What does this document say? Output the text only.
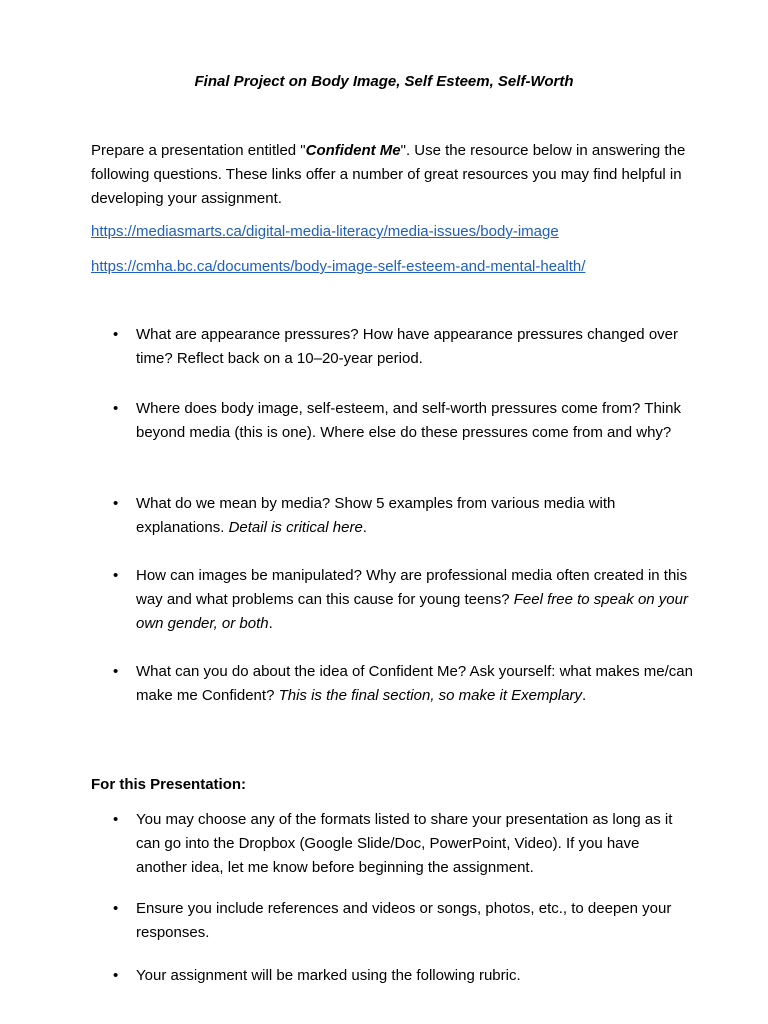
Final Project on Body Image, Self Esteem, Self-Worth
Prepare a presentation entitled "Confident Me". Use the resource below in answering the following questions. These links offer a number of great resources you may find helpful in developing your assignment.
https://mediasmarts.ca/digital-media-literacy/media-issues/body-image
https://cmha.bc.ca/documents/body-image-self-esteem-and-mental-health/
•	What are appearance pressures? How have appearance pressures changed over time? Reflect back on a 10–20-year period.
•	Where does body image, self-esteem, and self-worth pressures come from? Think beyond media (this is one). Where else do these pressures come from and why?
•	What do we mean by media? Show 5 examples from various media with explanations. Detail is critical here.
•	How can images be manipulated? Why are professional media often created in this way and what problems can this cause for young teens? Feel free to speak on your own gender, or both.
•	What can you do about the idea of Confident Me? Ask yourself: what makes me/can make me Confident? This is the final section, so make it Exemplary.
For this Presentation:
•	You may choose any of the formats listed to share your presentation as long as it can go into the Dropbox (Google Slide/Doc, PowerPoint, Video). If you have another idea, let me know before beginning the assignment.
•	Ensure you include references and videos or songs, photos, etc., to deepen your responses.
•	Your assignment will be marked using the following rubric.
